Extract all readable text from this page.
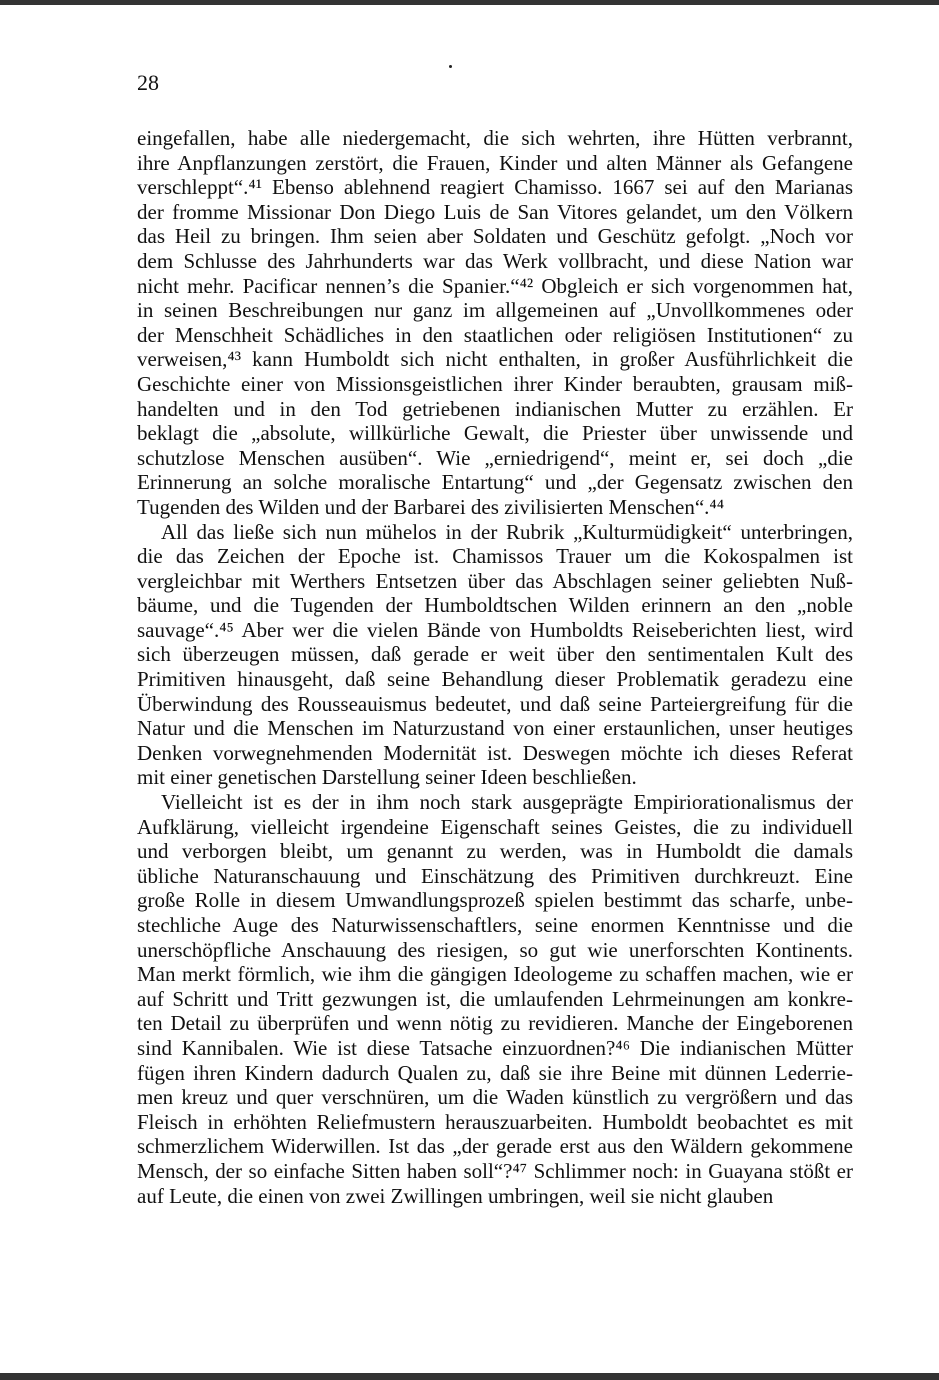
28

eingefallen, habe alle niedergemacht, die sich wehrten, ihre Hütten verbrannt,
ihre Anpflanzungen zerstört, die Frauen, Kinder und alten Männer als Gefangene
verschleppt“.⁴¹ Ebenso ablehnend reagiert Chamisso. 1667 sei auf den Marianas
der fromme Missionar Don Diego Luis de San Vitores gelandet, um den Völkern
das Heil zu bringen. Ihm seien aber Soldaten und Geschütz gefolgt. „Noch vor
dem Schlusse des Jahrhunderts war das Werk vollbracht, und diese Nation war
nicht mehr. Pacificar nennen’s die Spanier.“⁴² Obgleich er sich vorgenommen hat,
in seinen Beschreibungen nur ganz im allgemeinen auf „Unvollkommenes oder
der Menschheit Schädliches in den staatlichen oder religiösen Institutionen“ zu
verweisen,⁴³ kann Humboldt sich nicht enthalten, in großer Ausführlichkeit die
Geschichte einer von Missionsgeistlichen ihrer Kinder beraubten, grausam miß-
handelten und in den Tod getriebenen indianischen Mutter zu erzählen. Er
beklagt die „absolute, willkürliche Gewalt, die Priester über unwissende und
schutzlose Menschen ausüben“. Wie „erniedrigend“, meint er, sei doch „die
Erinnerung an solche moralische Entartung“ und „der Gegensatz zwischen den
Tugenden des Wilden und der Barbarei des zivilisierten Menschen“.⁴⁴

All das ließe sich nun mühelos in der Rubrik „Kulturmüdigkeit“ unterbringen,
die das Zeichen der Epoche ist. Chamissos Trauer um die Kokospalmen ist
vergleichbar mit Werthers Entsetzen über das Abschlagen seiner geliebten Nuß-
bäume, und die Tugenden der Humboldtschen Wilden erinnern an den „noble
sauvage“.⁴⁵ Aber wer die vielen Bände von Humboldts Reiseberichten liest, wird
sich überzeugen müssen, daß gerade er weit über den sentimentalen Kult des
Primitiven hinausgeht, daß seine Behandlung dieser Problematik geradezu eine
Überwindung des Rousseauismus bedeutet, und daß seine Parteiergreifung für die
Natur und die Menschen im Naturzustand von einer erstaunlichen, unser heutiges
Denken vorwegnehmenden Modernität ist. Deswegen möchte ich dieses Referat
mit einer genetischen Darstellung seiner Ideen beschließen.

Vielleicht ist es der in ihm noch stark ausgeprägte Empiriorationalismus der
Aufklärung, vielleicht irgendeine Eigenschaft seines Geistes, die zu individuell
und verborgen bleibt, um genannt zu werden, was in Humboldt die damals
übliche Naturanschauung und Einschätzung des Primitiven durchkreuzt. Eine
große Rolle in diesem Umwandlungsprozeß spielen bestimmt das scharfe, unbe-
stechliche Auge des Naturwissenschaftlers, seine enormen Kenntnisse und die
unerschöpfliche Anschauung des riesigen, so gut wie unerforschten Kontinents.
Man merkt förmlich, wie ihm die gängigen Ideologeme zu schaffen machen, wie er
auf Schritt und Tritt gezwungen ist, die umlaufenden Lehrmeinungen am konkre-
ten Detail zu überprüfen und wenn nötig zu revidieren. Manche der Eingeborenen
sind Kannibalen. Wie ist diese Tatsache einzuordnen?⁴⁶ Die indianischen Mütter
fügen ihren Kindern dadurch Qualen zu, daß sie ihre Beine mit dünnen Lederrie-
men kreuz und quer verschnüren, um die Waden künstlich zu vergrößern und das
Fleisch in erhöhten Reliefmustern herauszuarbeiten. Humboldt beobachtet es mit
schmerzlichem Widerwillen. Ist das „der gerade erst aus den Wäldern gekommene
Mensch, der so einfache Sitten haben soll“?⁴⁷ Schlimmer noch: in Guayana stößt er
auf Leute, die einen von zwei Zwillingen umbringen, weil sie nicht glauben
